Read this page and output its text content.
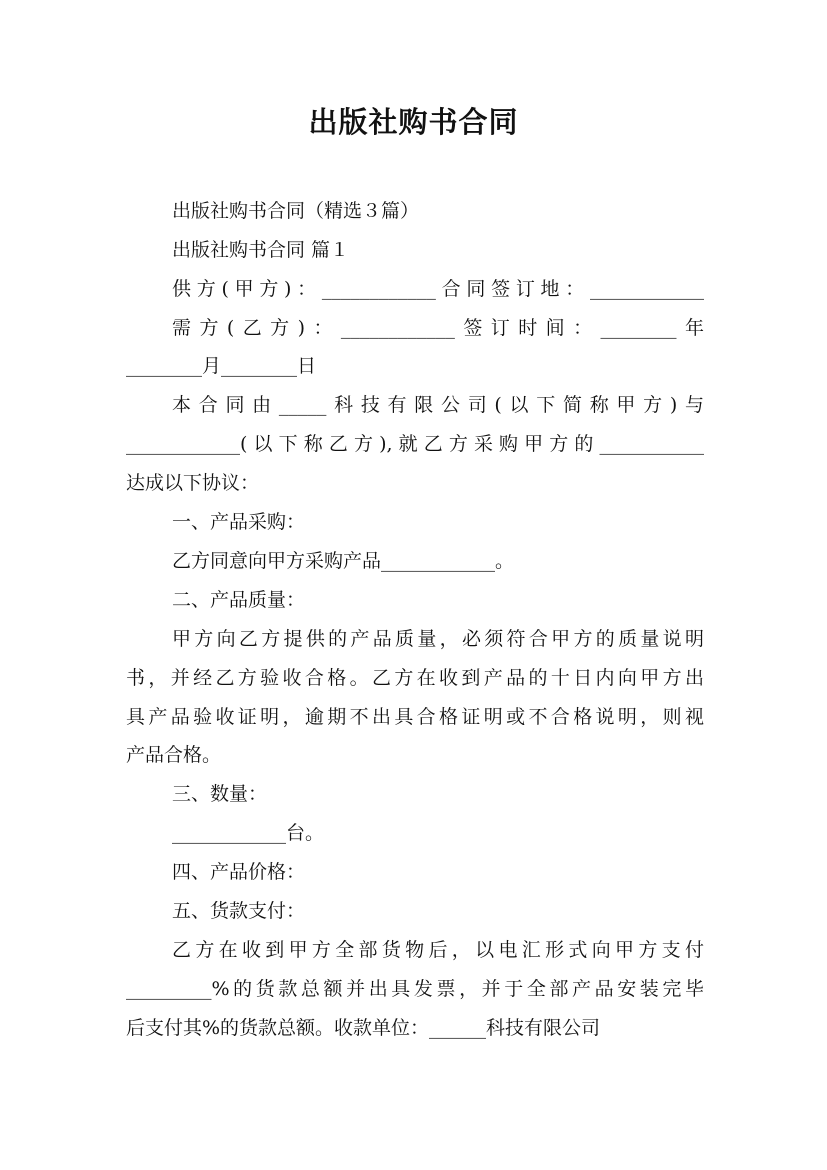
出版社购书合同
出版社购书合同（精选３篇）
出版社购书合同 篇１
供方(甲方)：____________合同签订地：____________
需方(乙方)：____________签订时间：________年
________月________日
本合同由_____科技有限公司(以下简称甲方)与
____________(以下称乙方),就乙方采购甲方的___________
达成以下协议：
一、产品采购：
乙方同意向甲方采购产品____________。
二、产品质量：
甲方向乙方提供的产品质量，必须符合甲方的质量说明
书，并经乙方验收合格。乙方在收到产品的十日内向甲方出
具产品验收证明，逾期不出具合格证明或不合格说明，则视
产品合格。
三、数量：
____________台。
四、产品价格：
五、货款支付：
乙方在收到甲方全部货物后，以电汇形式向甲方支付
_________%的货款总额并出具发票，并于全部产品安装完毕
后支付其%的货款总额。收款单位：______科技有限公司
